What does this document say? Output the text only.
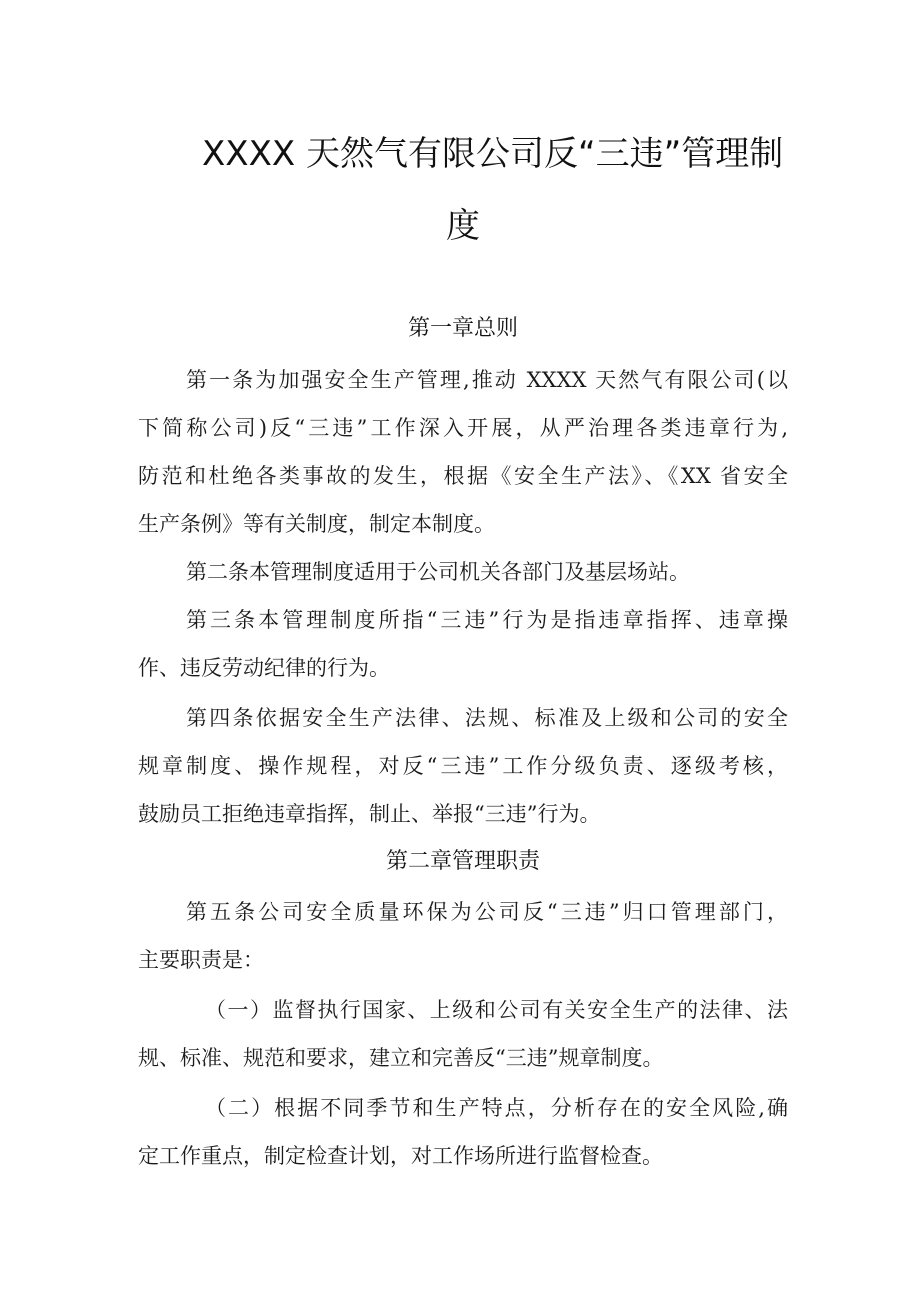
XXXX 天然气有限公司反“三违”管理制
度
第一章总则
第一条为加强安全生产管理,推动 XXXX 天然气有限公司(以
下简称公司)反“三违”工作深入开展，从严治理各类违章行为,
防范和杜绝各类事故的发生，根据《安全生产法》、《XX 省安全
生产条例》等有关制度，制定本制度。
第二条本管理制度适用于公司机关各部门及基层场站。
第三条本管理制度所指“三违”行为是指违章指挥、违章操
作、违反劳动纪律的行为。
第四条依据安全生产法律、法规、标准及上级和公司的安全
规章制度、操作规程，对反“三违”工作分级负责、逐级考核，
鼓励员工拒绝违章指挥，制止、举报“三违”行为。
第二章管理职责
第五条公司安全质量环保为公司反“三违”归口管理部门，
主要职责是：
（一）监督执行国家、上级和公司有关安全生产的法律、法
规、标准、规范和要求，建立和完善反“三违”规章制度。
（二）根据不同季节和生产特点，分析存在的安全风险,确
定工作重点，制定检查计划，对工作场所进行监督检查。
